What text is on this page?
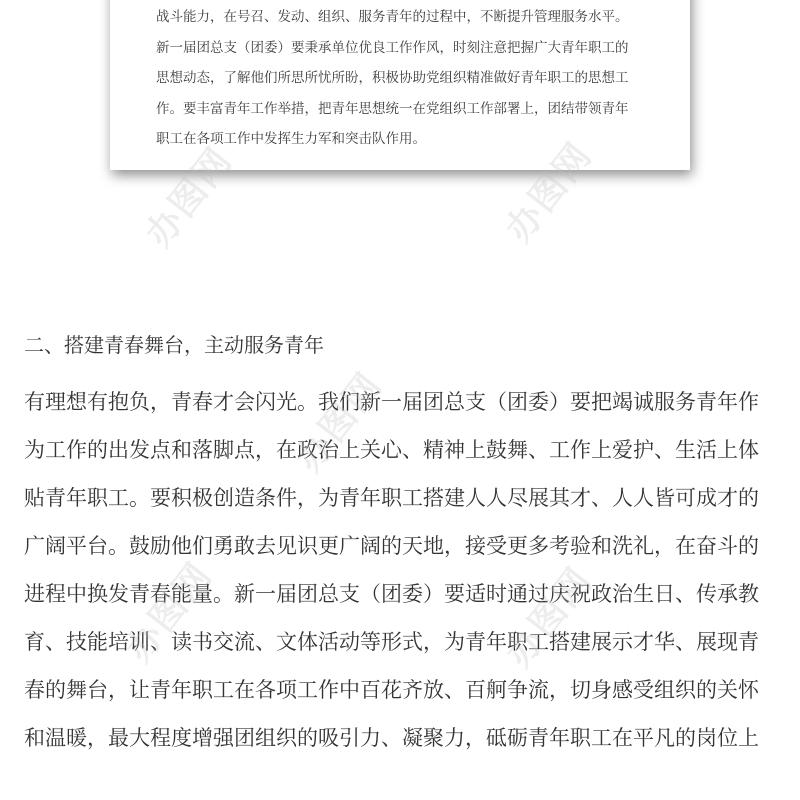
战斗能力，在号召、发动、组织、服务青年的过程中，不断提升管理服务水平。
新一届团总支（团委）要秉承单位优良工作作风，时刻注意把握广大青年职工的
思想动态，了解他们所思所忧所盼，积极协助党组织精准做好青年职工的思想工
作。要丰富青年工作举措，把青年思想统一在党组织工作部署上，团结带领青年
职工在各项工作中发挥生力军和突击队作用。
二、搭建青春舞台，主动服务青年
有理想有抱负，青春才会闪光。我们新一届团总支（团委）要把竭诚服务青年作
为工作的出发点和落脚点，在政治上关心、精神上鼓舞、工作上爱护、生活上体
贴青年职工。要积极创造条件，为青年职工搭建人人尽展其才、人人皆可成才的
广阔平台。鼓励他们勇敢去见识更广阔的天地，接受更多考验和洗礼，在奋斗的
进程中换发青春能量。新一届团总支（团委）要适时通过庆祝政治生日、传承教
育、技能培训、读书交流、文体活动等形式，为青年职工搭建展示才华、展现青
春的舞台，让青年职工在各项工作中百花齐放、百舸争流，切身感受组织的关怀
和温暖，最大程度增强团组织的吸引力、凝聚力，砥砺青年职工在平凡的岗位上
办图网	办图网
办图网
办图网	办图网
